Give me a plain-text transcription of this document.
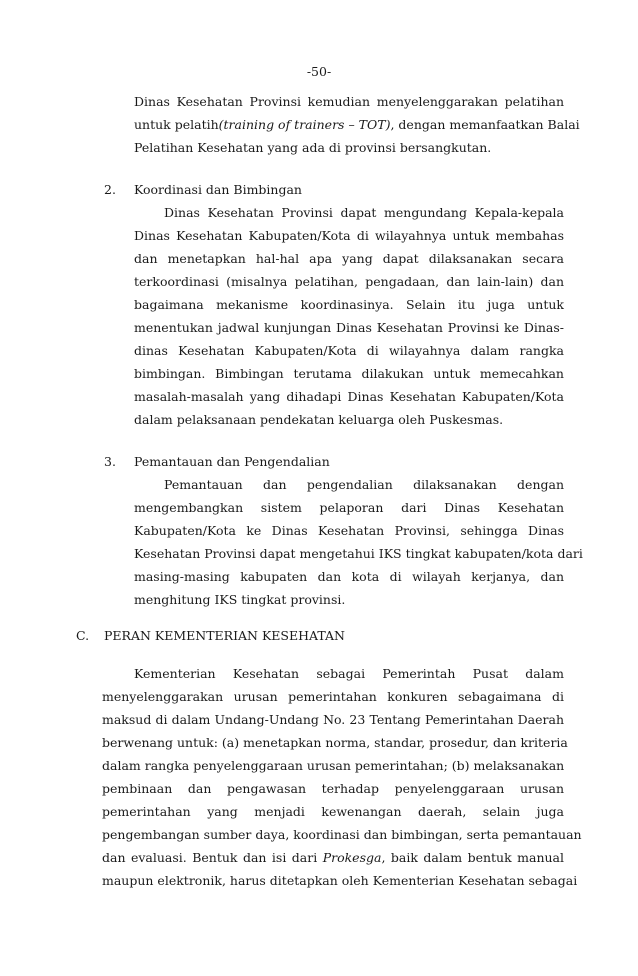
-50-
Dinas Kesehatan Provinsi kemudian menyelenggarakan pelatihan
untuk pelatih(training of trainers – TOT), dengan memanfaatkan Balai
Pelatihan Kesehatan yang ada di provinsi bersangkutan.
2. Koordinasi dan Bimbingan
Dinas Kesehatan Provinsi dapat mengundang Kepala-kepala
Dinas Kesehatan Kabupaten/Kota di wilayahnya untuk membahas
dan menetapkan hal-hal apa yang dapat dilaksanakan secara
terkoordinasi (misalnya pelatihan, pengadaan, dan lain-lain) dan
bagaimana mekanisme koordinasinya. Selain itu juga untuk
menentukan jadwal kunjungan Dinas Kesehatan Provinsi ke Dinas-
dinas Kesehatan Kabupaten/Kota di wilayahnya dalam rangka
bimbingan. Bimbingan terutama dilakukan untuk memecahkan
masalah-masalah yang dihadapi Dinas Kesehatan Kabupaten/Kota
dalam pelaksanaan pendekatan keluarga oleh Puskesmas.
3. Pemantauan dan Pengendalian
Pemantauan dan pengendalian dilaksanakan dengan
mengembangkan sistem pelaporan dari Dinas Kesehatan
Kabupaten/Kota ke Dinas Kesehatan Provinsi, sehingga Dinas
Kesehatan Provinsi dapat mengetahui IKS tingkat kabupaten/kota dari
masing-masing kabupaten dan kota di wilayah kerjanya, dan
menghitung IKS tingkat provinsi.
C. PERAN KEMENTERIAN KESEHATAN
Kementerian Kesehatan sebagai Pemerintah Pusat dalam
menyelenggarakan urusan pemerintahan konkuren sebagaimana di
maksud di dalam Undang-Undang No. 23 Tentang Pemerintahan Daerah
berwenang untuk: (a) menetapkan norma, standar, prosedur, dan kriteria
dalam rangka penyelenggaraan urusan pemerintahan; (b) melaksanakan
pembinaan dan pengawasan terhadap penyelenggaraan urusan
pemerintahan yang menjadi kewenangan daerah, selain juga
pengembangan sumber daya, koordinasi dan bimbingan, serta pemantauan
dan evaluasi. Bentuk dan isi dari Prokesga, baik dalam bentuk manual
maupun elektronik, harus ditetapkan oleh Kementerian Kesehatan sebagai
